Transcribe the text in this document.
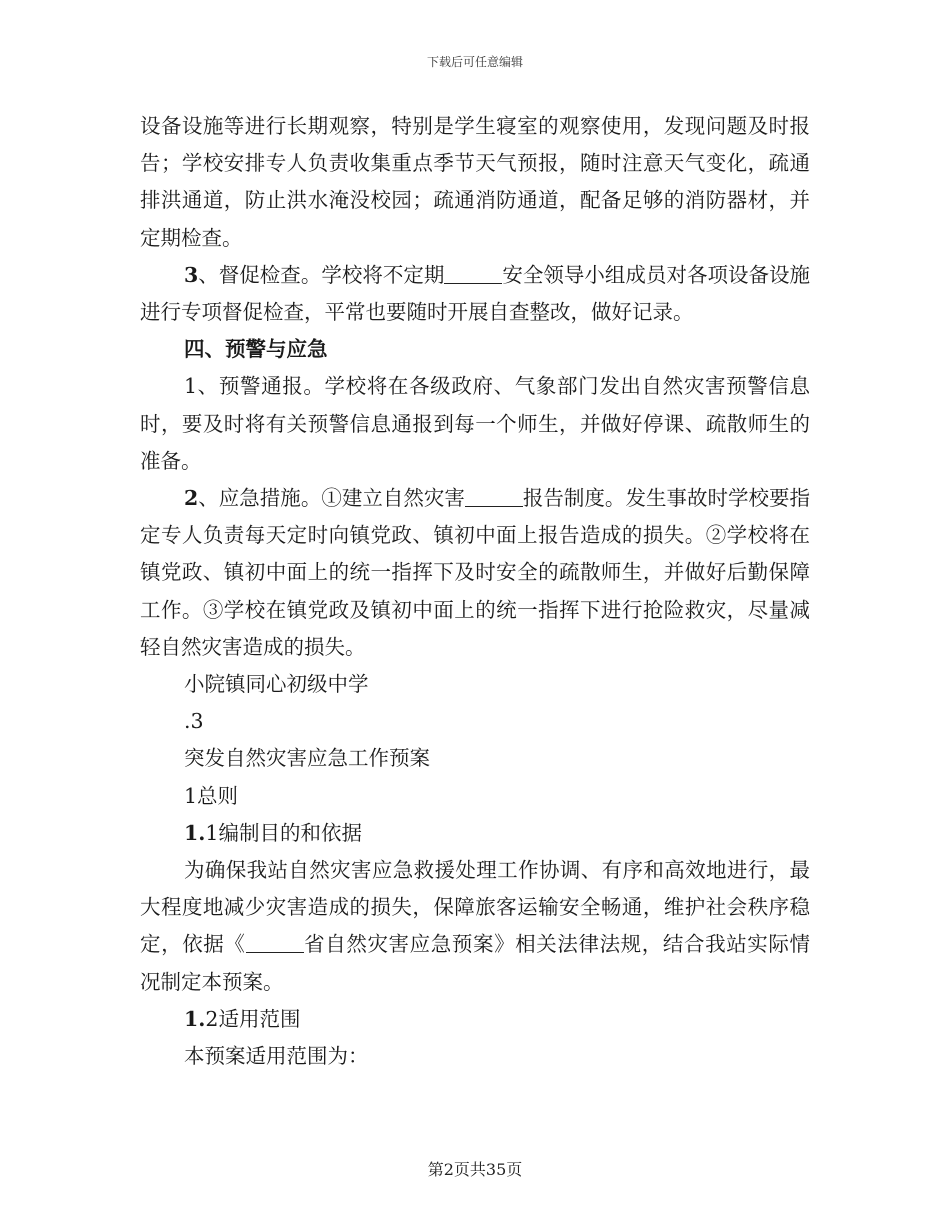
下载后可任意编辑

设备设施等进行长期观察，特别是学生寝室的观察使用，发现问题及时报告；学校安排专人负责收集重点季节天气预报，随时注意天气变化，疏通排洪通道，防止洪水淹没校园；疏通消防通道，配备足够的消防器材，并定期检查。

3、督促检查。学校将不定期	安全领导小组成员对各项设备设施进行专项督促检查，平常也要随时开展自查整改，做好记录。

四、预警与应急

1、预警通报。学校将在各级政府、气象部门发出自然灾害预警信息时，要及时将有关预警信息通报到每一个师生，并做好停课、疏散师生的准备。

2、应急措施。①建立自然灾害	报告制度。发生事故时学校要指定专人负责每天定时向镇党政、镇初中面上报告造成的损失。②学校将在镇党政、镇初中面上的统一指挥下及时安全的疏散师生，并做好后勤保障工作。③学校在镇党政及镇初中面上的统一指挥下进行抢险救灾，尽量减轻自然灾害造成的损失。

小院镇同心初级中学

.3

突发自然灾害应急工作预案

1总则

1.1编制目的和依据

为确保我站自然灾害应急救援处理工作协调、有序和高效地进行，最大程度地减少灾害造成的损失，保障旅客运输安全畅通，维护社会秩序稳定，依据《	省自然灾害应急预案》相关法律法规，结合我站实际情况制定本预案。

1.2适用范围

本预案适用范围为：

第2页共35页
